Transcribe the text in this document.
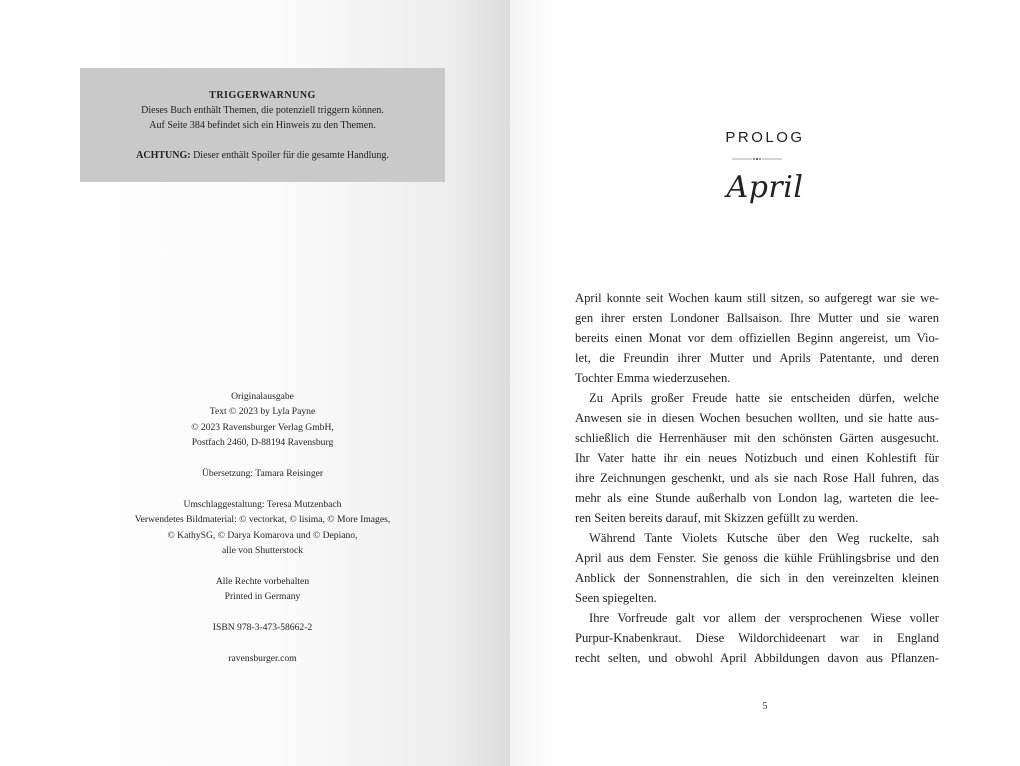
TRIGGERWARNUNG
Dieses Buch enthält Themen, die potenziell triggern können.
Auf Seite 384 befindet sich ein Hinweis zu den Themen.
ACHTUNG: Dieser enthält Spoiler für die gesamte Handlung.
Originalausgabe
Text © 2023 by Lyla Payne
© 2023 Ravensburger Verlag GmbH,
Postfach 2460, D-88194 Ravensburg
Übersetzung: Tamara Reisinger
Umschlaggestaltung: Teresa Mutzenbach
Verwendetes Bildmaterial: © vectorkat, © lisima, © More Images,
© KathySG, © Darya Komarova und © Depiano,
alle von Shutterstock
Alle Rechte vorbehalten
Printed in Germany
ISBN 978-3-473-58662-2
ravensburger.com
PROLOG
April
April konnte seit Wochen kaum still sitzen, so aufgeregt war sie we-
gen ihrer ersten Londoner Ballsaison. Ihre Mutter und sie waren
bereits einen Monat vor dem offiziellen Beginn angereist, um Vio-
let, die Freundin ihrer Mutter und Aprils Patentante, und deren
Tochter Emma wiederzusehen.
Zu Aprils großer Freude hatte sie entscheiden dürfen, welche
Anwesen sie in diesen Wochen besuchen wollten, und sie hatte aus-
schließlich die Herrenhäuser mit den schönsten Gärten ausgesucht.
Ihr Vater hatte ihr ein neues Notizbuch und einen Kohlestift für
ihre Zeichnungen geschenkt, und als sie nach Rose Hall fuhren, das
mehr als eine Stunde außerhalb von London lag, warteten die lee-
ren Seiten bereits darauf, mit Skizzen gefüllt zu werden.
Während Tante Violets Kutsche über den Weg ruckelte, sah
April aus dem Fenster. Sie genoss die kühle Frühlingsbrise und den
Anblick der Sonnenstrahlen, die sich in den vereinzelten kleinen
Seen spiegelten.
Ihre Vorfreude galt vor allem der versprochenen Wiese voller
Purpur-Knabenkraut. Diese Wildorchideenart war in England
recht selten, und obwohl April Abbildungen davon aus Pflanzen-
5
